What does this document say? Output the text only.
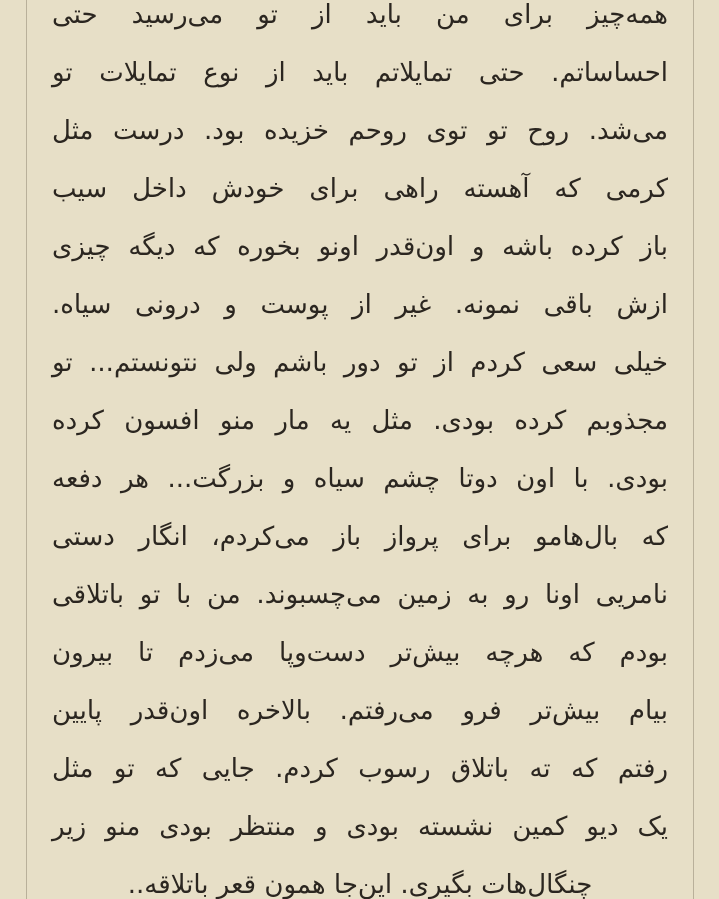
همه‌چیز برای من باید از تو می‌رسید حتی
احساساتم. حتی تمایلاتم باید از نوع تمایلات تو
می‌شد. روح تو توی روحم خزیده بود. درست مثل
کرمی که آهسته راهی برای خودش داخل سیب
باز کرده باشه و اون‌قدر اونو بخوره که دیگه چیزی
ازش باقی نمونه. غیر از پوست و درونی سیاه.
خیلی سعی کردم از تو دور باشم ولی نتونستم... تو
مجذوبم کرده بودی. مثل یه مار منو افسون کرده
بودی. با اون دوتا چشم سیاه و بزرگت... هر دفعه
که بال‌هامو برای پرواز باز می‌کردم، انگار دستی
نامریی اونا رو به زمین می‌چسبوند. من با تو باتلاقی
بودم که هرچه بیش‌تر دست‌وپا می‌زدم تا بیرون
بیام بیش‌تر فرو می‌رفتم. بالاخره اون‌قدر پایین
رفتم که ته باتلاق رسوب کردم. جایی که تو مثل
یک دیو کمین نشسته بودی و منتظر بودی منو زیر
چنگال‌هات بگیری. این‌جا همون قعر باتلاقه..
